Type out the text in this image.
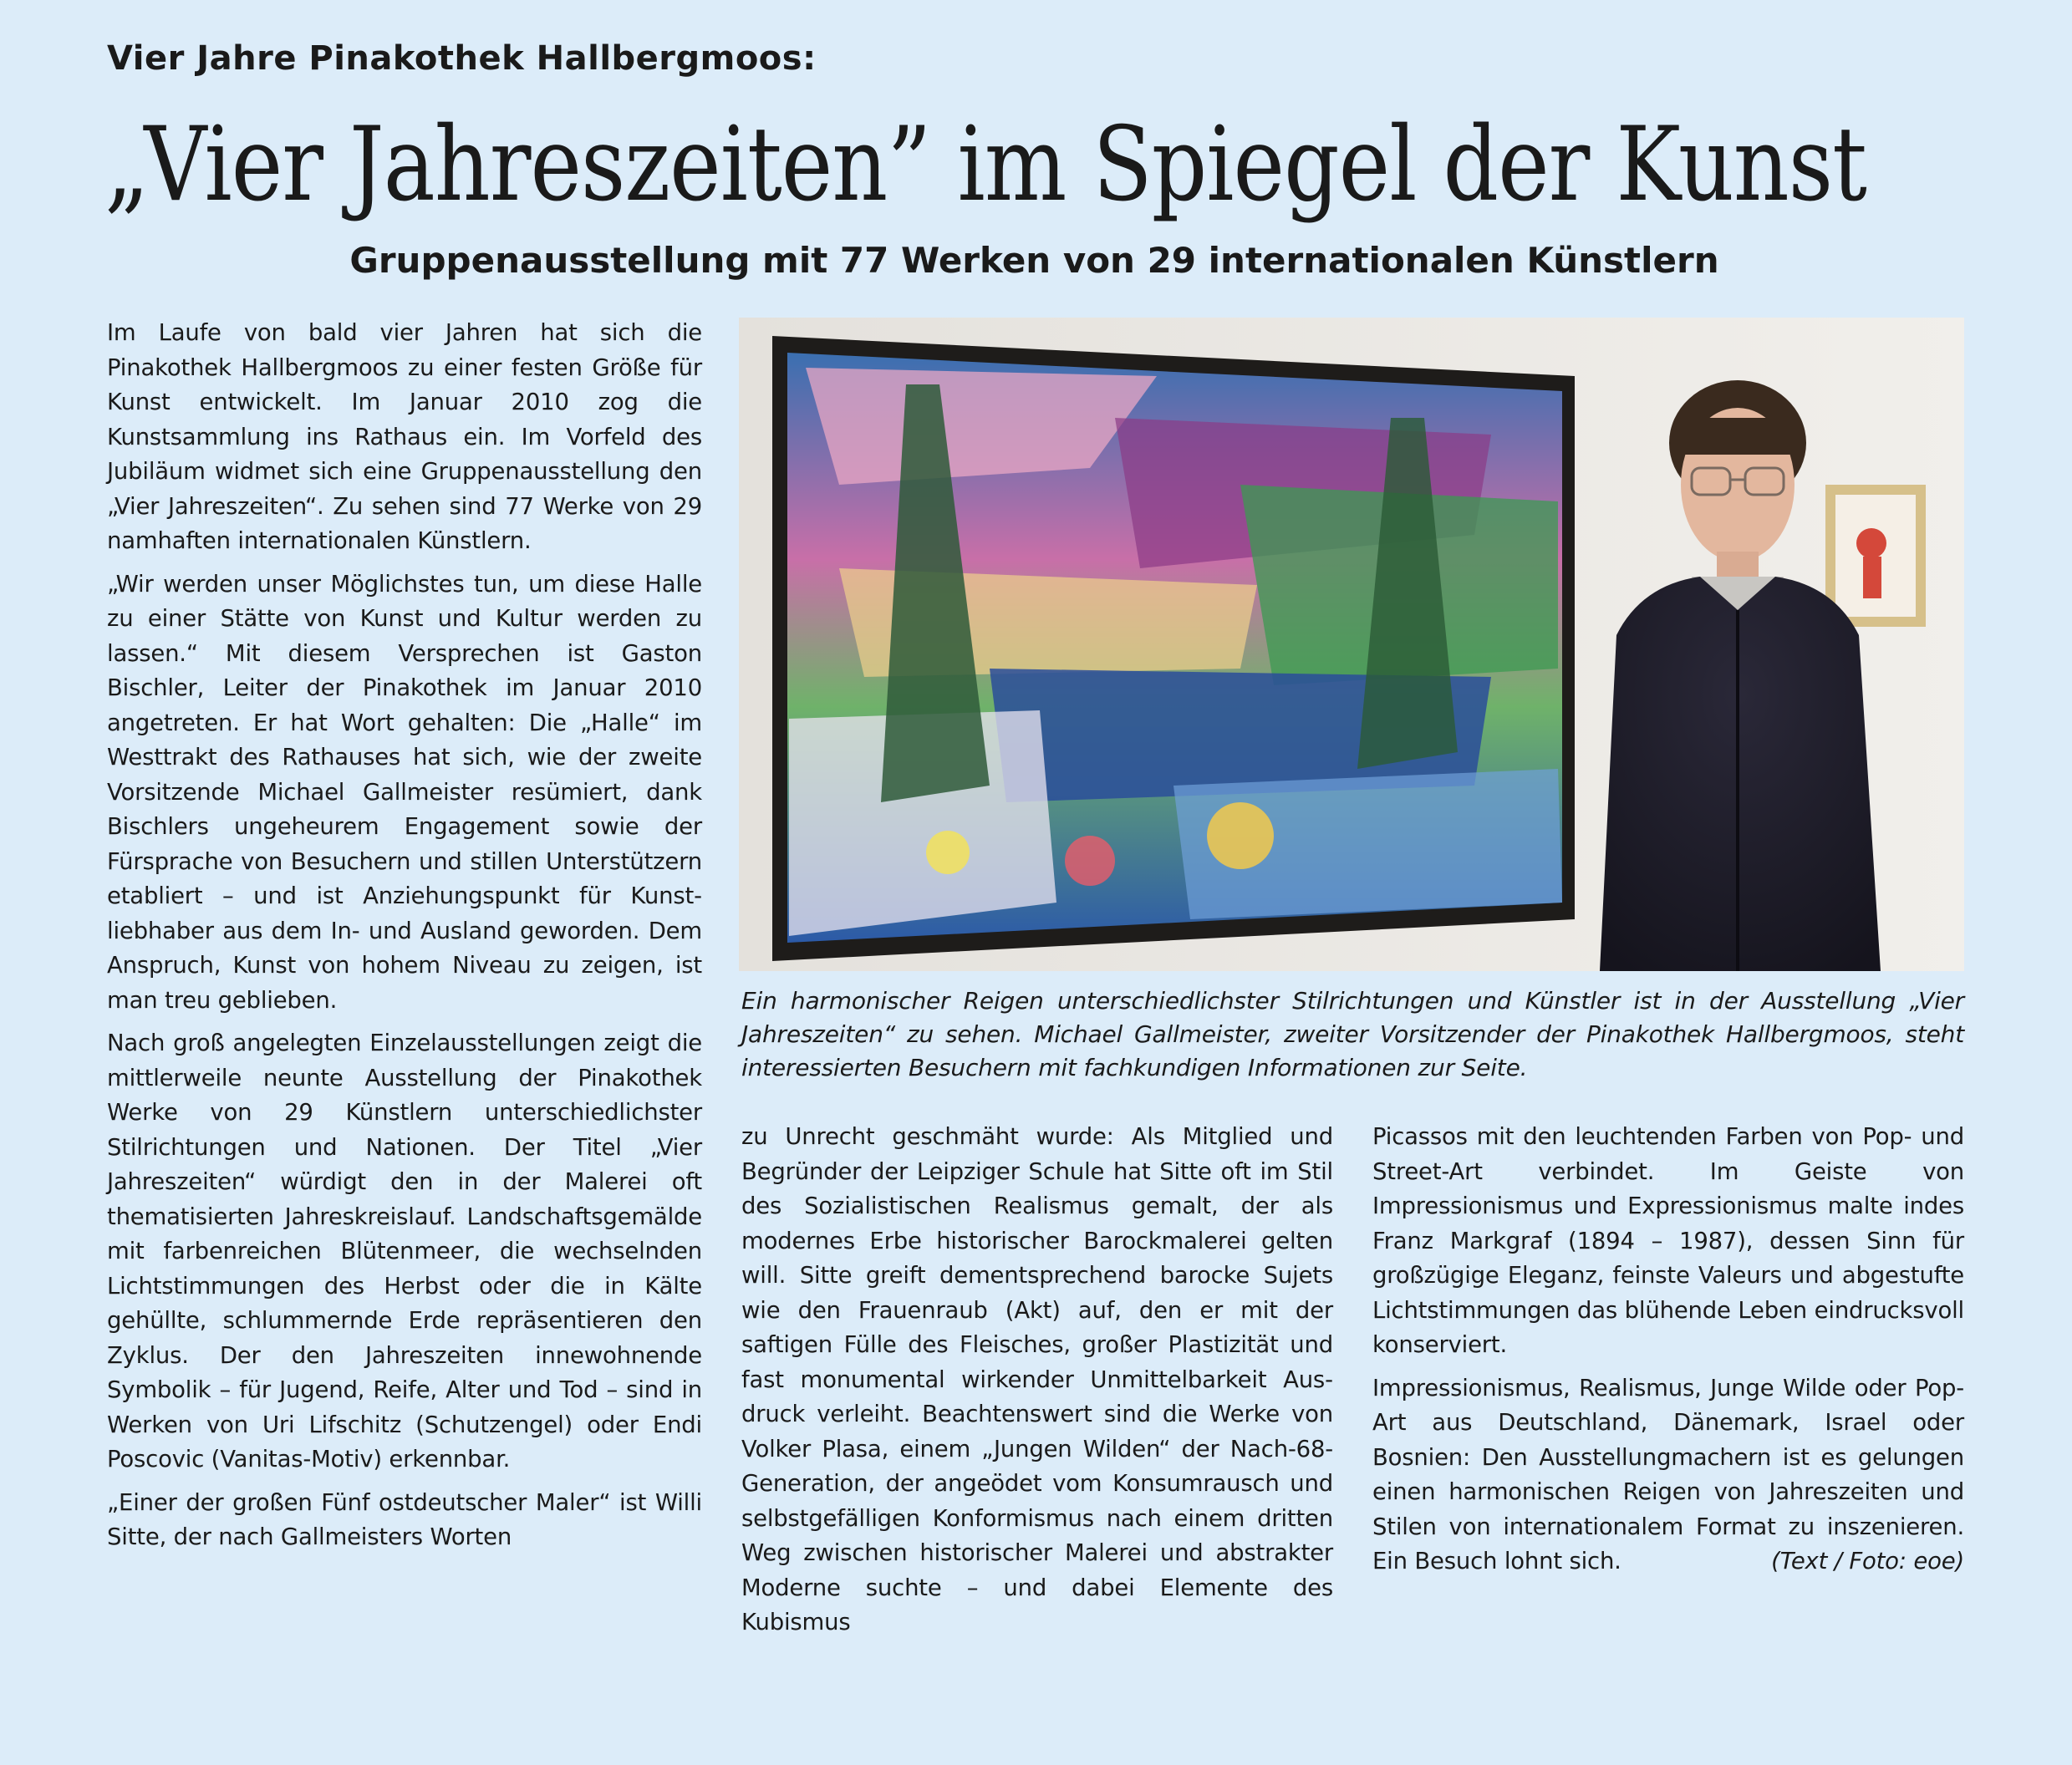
Vier Jahre Pinakothek Hallbergmoos:
„Vier Jahreszeiten” im Spiegel der Kunst
Gruppenausstellung mit 77 Werken von 29 internationalen Künstlern

Im Laufe von bald vier Jahren hat sich die Pinakothek Hallbergmoos zu einer festen Größe für Kunst entwickelt. Im Januar 2010 zog die Kunstsammlung ins Rathaus ein. Im Vorfeld des Jubiläum widmet sich eine Gruppenausstellung den „Vier Jahreszeiten“. Zu sehen sind 77 Werke von 29 namhaften internationalen Künstlern.

„Wir werden unser Möglichstes tun, um diese Halle zu einer Stätte von Kunst und Kultur werden zu lassen.“ Mit diesem Versprechen ist Gaston Bischler, Leiter der Pinakothek im Januar 2010 angetreten. Er hat Wort gehalten: Die „Halle“ im Westtrakt des Rathauses hat sich, wie der zweite Vorsitzende Michael Gallmeister resümiert, dank Bischlers ungeheurem Engagement sowie der Fürsprache von Besuchern und stillen Unterstützern etabliert – und ist Anziehungspunkt für Kunstliebhaber aus dem In- und Ausland geworden. Dem Anspruch, Kunst von hohem Niveau zu zeigen, ist man treu geblieben.

Nach groß angelegten Einzelausstellungen zeigt die mittlerweile neunte Ausstellung der Pinakothek Werke von 29 Künstlern unterschiedlichster Stilrichtungen und Nationen. Der Titel „Vier Jahreszeiten“ würdigt den in der Malerei oft thematisierten Jahreskreislauf. Landschaftsgemälde mit farbenreichen Blütenmeer, die wechselnden Lichtstimmungen des Herbst oder die in Kälte gehüllte, schlummernde Erde repräsentieren den Zyklus. Der den Jahreszeiten innewohnende Symbolik – für Jugend, Reife, Alter und Tod – sind in Werken von Uri Lifschitz (Schutzengel) oder Endi Poscovic (Vanitas-Motiv) erkennbar.

„Einer der großen Fünf ostdeutscher Maler“ ist Willi Sitte, der nach Gallmeisters Worten

Ein harmonischer Reigen unterschiedlichster Stilrichtungen und Künstler ist in der Ausstellung „Vier Jahreszeiten“ zu sehen. Michael Gallmeister, zweiter Vorsitzender der Pinakothek Hallbergmoos, steht interessierten Besuchern mit fachkundigen Informationen zur Seite.

zu Unrecht geschmäht wurde: Als Mitglied und Begründer der Leipziger Schule hat Sitte oft im Stil des Sozialistischen Realismus gemalt, der als modernes Erbe historischer Barockmalerei gelten will. Sitte greift dementsprechend barocke Sujets wie den Frauenraub (Akt) auf, den er mit der saftigen Fülle des Fleisches, großer Plastizität und fast monumental wirkender Unmittelbarkeit Ausdruck verleiht. Beachtenswert sind die Werke von Volker Plasa, einem „Jungen Wilden“ der Nach-68-Generation, der angeödet vom Konsumrausch und selbstgefälligen Konformismus nach einem dritten Weg zwischen historischer Malerei und abstrakter Moderne suchte – und dabei Elemente des Kubismus

Picassos mit den leuchtenden Farben von Pop- und Street-Art verbindet. Im Geiste von Impressionismus und Expressionismus malte indes Franz Markgraf (1894 – 1987), dessen Sinn für großzügige Eleganz, feinste Valeurs und abgestufte Lichtstimmungen das blühende Leben eindrucksvoll konserviert.

Impressionismus, Realismus, Junge Wilde oder Pop-Art aus Deutschland, Dänemark, Israel oder Bosnien: Den Ausstellungmachern ist es gelungen einen harmonischen Reigen von Jahreszeiten und Stilen von internationalem Format zu inszenieren. Ein Besuch lohnt sich.	(Text / Foto: eoe)
